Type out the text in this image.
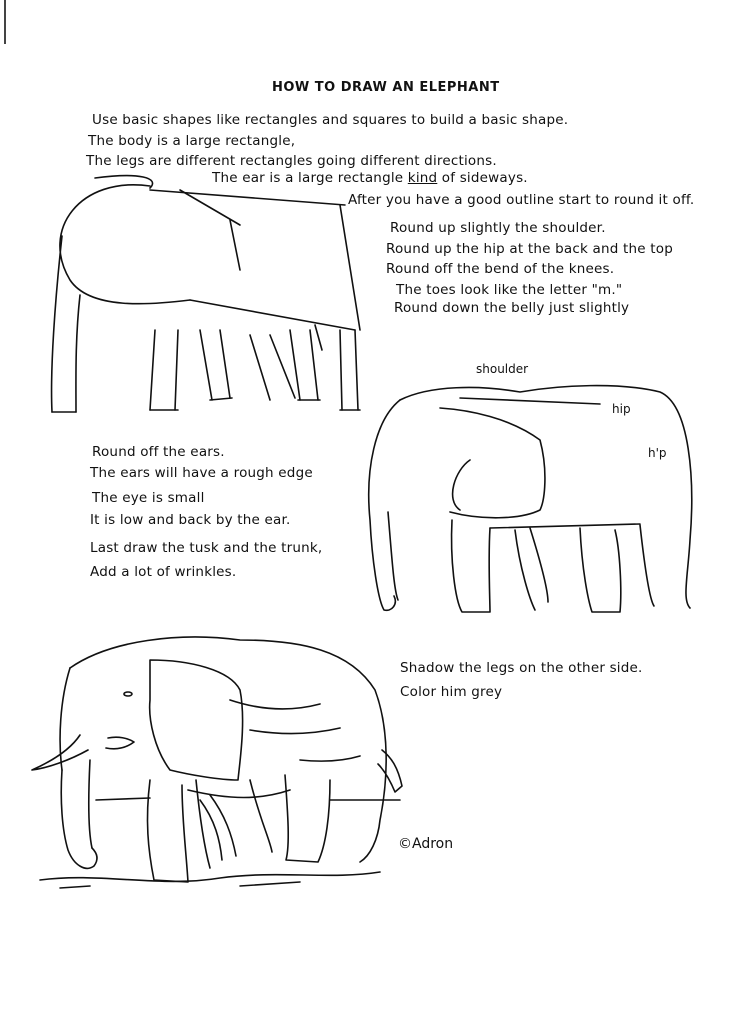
HOW TO DRAW AN ELEPHANT
Use basic shapes like rectangles and squares to build a basic shape.
The body is a large rectangle,
The legs are different rectangles going different directions.
The ear is a large rectangle kind of sideways.
After you have a good outline start to round it off.
Round up slightly the shoulder.
Round up the hip at the back and the top
Round off the bend of the knees.
The toes look like the letter "m."
Round down the belly just slightly
Round off the ears.
The ears will have a rough edge
The eye is small
It is low and back by the ear.
Last draw the tusk and the trunk,
Add a lot of wrinkles.
Shadow the legs on the other side.
Color him grey
shoulder
hip
h'p
©Adron
